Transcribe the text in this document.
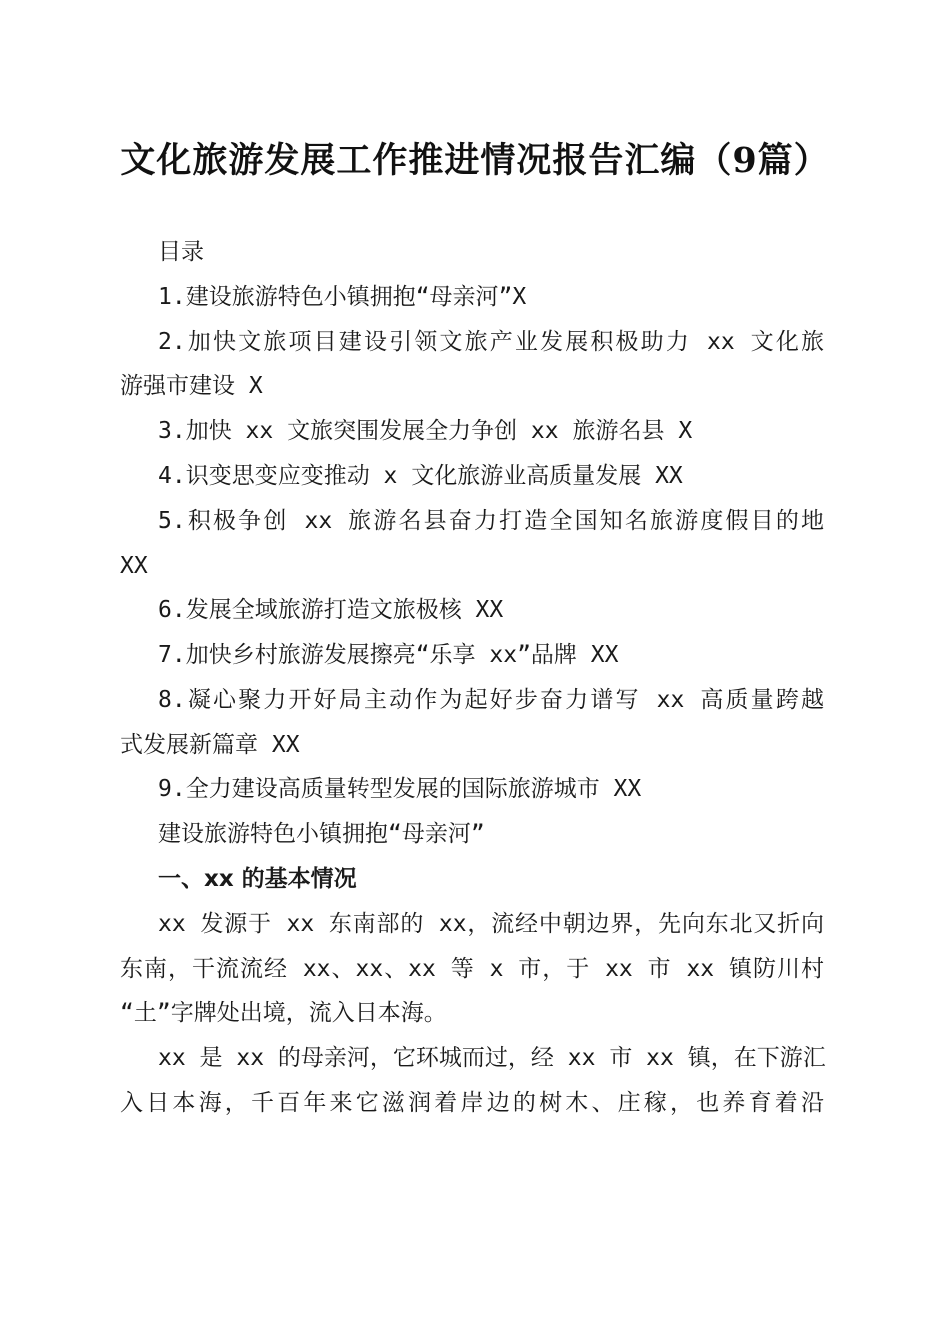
文化旅游发展工作推进情况报告汇编（9篇）
目录
1.建设旅游特色小镇拥抱“母亲河”X
2.加快文旅项目建设引领文旅产业发展积极助力 xx 文化旅
游强市建设 X
3.加快 xx 文旅突围发展全力争创 xx 旅游名县 X
4.识变思变应变推动 x 文化旅游业高质量发展 XX
5.积极争创 xx 旅游名县奋力打造全国知名旅游度假目的地
XX
6.发展全域旅游打造文旅极核 XX
7.加快乡村旅游发展擦亮“乐享 xx”品牌 XX
8.凝心聚力开好局主动作为起好步奋力谱写 xx 高质量跨越
式发展新篇章 XX
9.全力建设高质量转型发展的国际旅游城市 XX
建设旅游特色小镇拥抱“母亲河”
一、xx 的基本情况
xx 发源于 xx 东南部的 xx，流经中朝边界，先向东北又折向
东南，干流流经 xx、xx、xx 等 x 市，于 xx 市 xx 镇防川村
“土”字牌处出境，流入日本海。
xx 是 xx 的母亲河，它环城而过，经 xx 市 xx 镇，在下游汇
入日本海，千百年来它滋润着岸边的树木、庄稼，也养育着沿
